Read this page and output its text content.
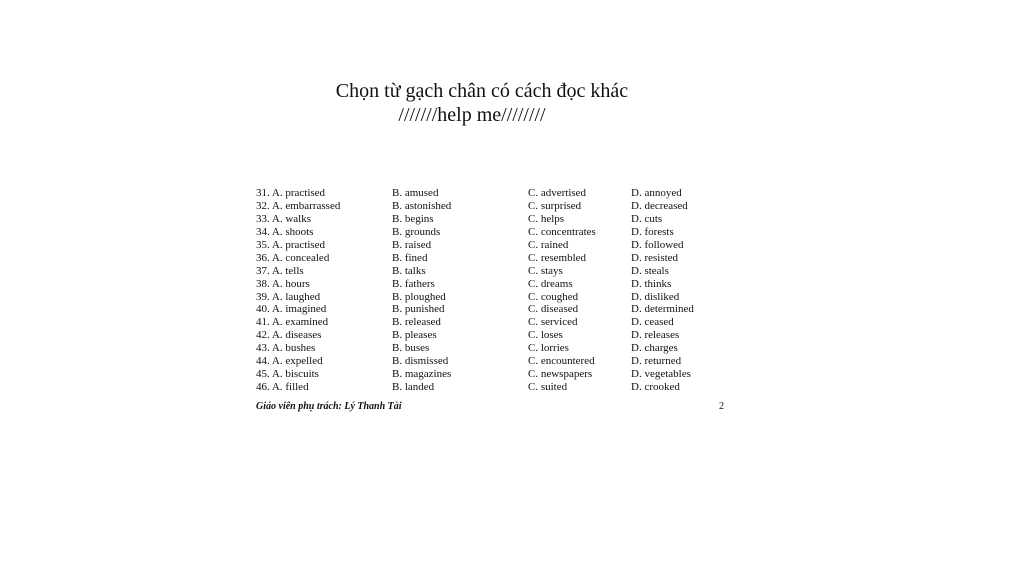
Chọn từ gạch chân có cách đọc khác
///////help me////////
31. A. practised	B. amused	C. advertised	D. annoyed
32. A. embarrassed	B. astonished	C. surprised	D. decreased
33. A. walks	B. begins	C. helps	D. cuts
34. A. shoots	B. grounds	C. concentrates	D. forests
35. A. practised	B. raised	C. rained	D. followed
36. A. concealed	B. fined	C. resembled	D. resisted
37. A. tells	B. talks	C. stays	D. steals
38. A. hours	B. fathers	C. dreams	D. thinks
39. A. laughed	B. ploughed	C. coughed	D. disliked
40. A. imagined	B. punished	C. diseased	D. determined
41. A. examined	B. released	C. serviced	D. ceased
42. A. diseases	B. pleases	C. loses	D. releases
43. A. bushes	B. buses	C. lorries	D. charges
44. A. expelled	B. dismissed	C. encountered	D. returned
45. A. biscuits	B. magazines	C. newspapers	D. vegetables
46. A. filled	B. landed	C. suited	D. crooked
Giáo viên phụ trách: Lý Thanh Tài	2
